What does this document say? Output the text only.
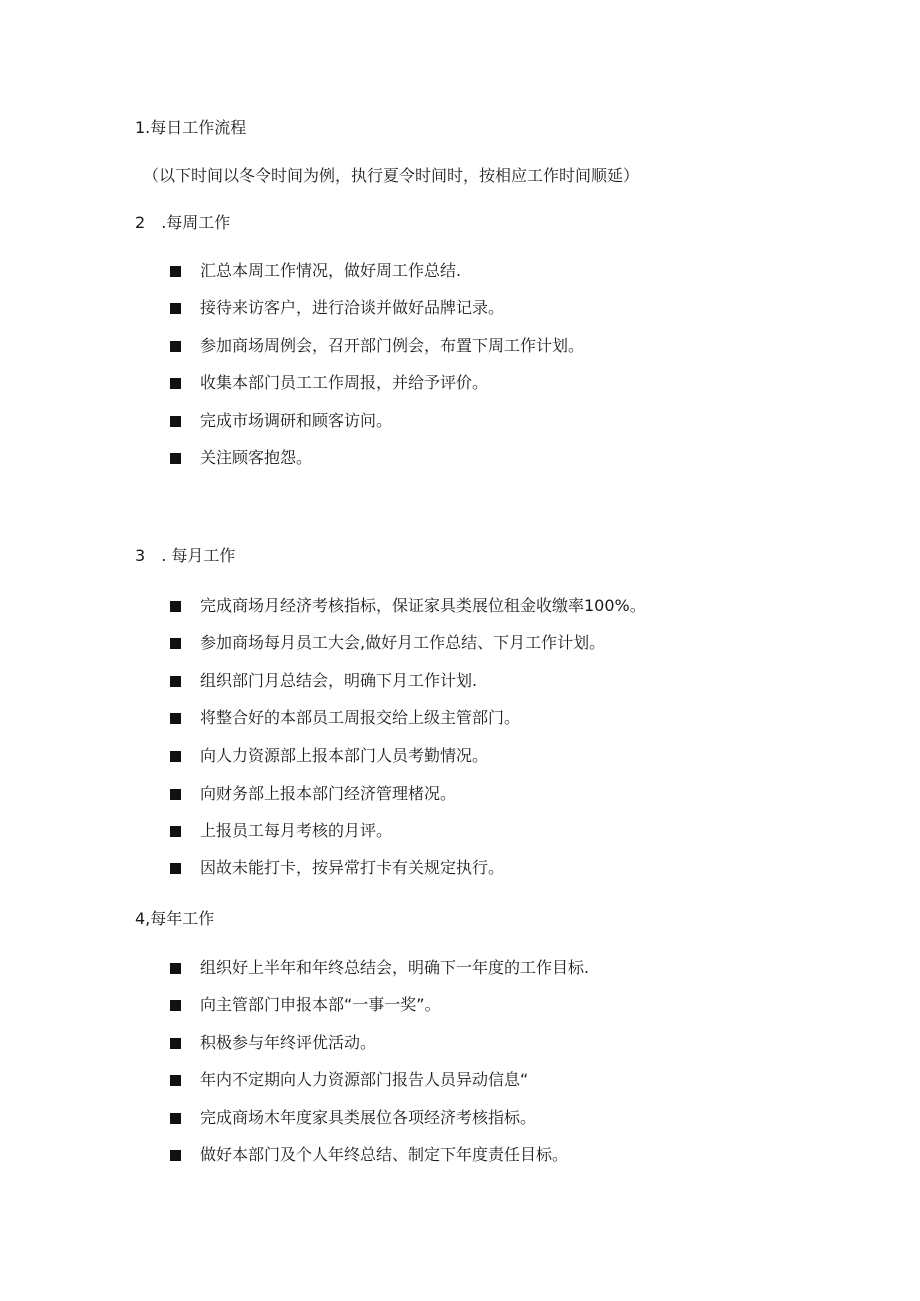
1.每日工作流程
（以下时间以冬令时间为例，执行夏令时间时，按相应工作时间顺延）
2 .每周工作
汇总本周工作情况，做好周工作总结.
接待来访客户，进行洽谈并做好品牌记录。
参加商场周例会，召开部门例会，布置下周工作计划。
收集本部门员工工作周报，并给予评价。
完成市场调研和顾客访问。
关注顾客抱怨。
3 . 每月工作
完成商场月经济考核指标，保证家具类展位租金收缴率100%。
参加商场每月员工大会,做好月工作总结、下月工作计划。
组织部门月总结会，明确下月工作计划.
将整合好的本部员工周报交给上级主管部门。
向人力资源部上报本部门人员考勤情况。
向财务部上报本部门经济管理楮况。
上报员工每月考核的月评。
因故未能打卡，按异常打卡有关规定执行。
4,每年工作
组织好上半年和年终总结会，明确下一年度的工作目标.
向主管部门申报本部“一事一奖”。
积极参与年终评优活动。
年内不定期向人力资源部门报告人员异动信息“
完成商场木年度家具类展位各项经济考核指标。
做好本部门及个人年终总结、制定下年度责任目标。
